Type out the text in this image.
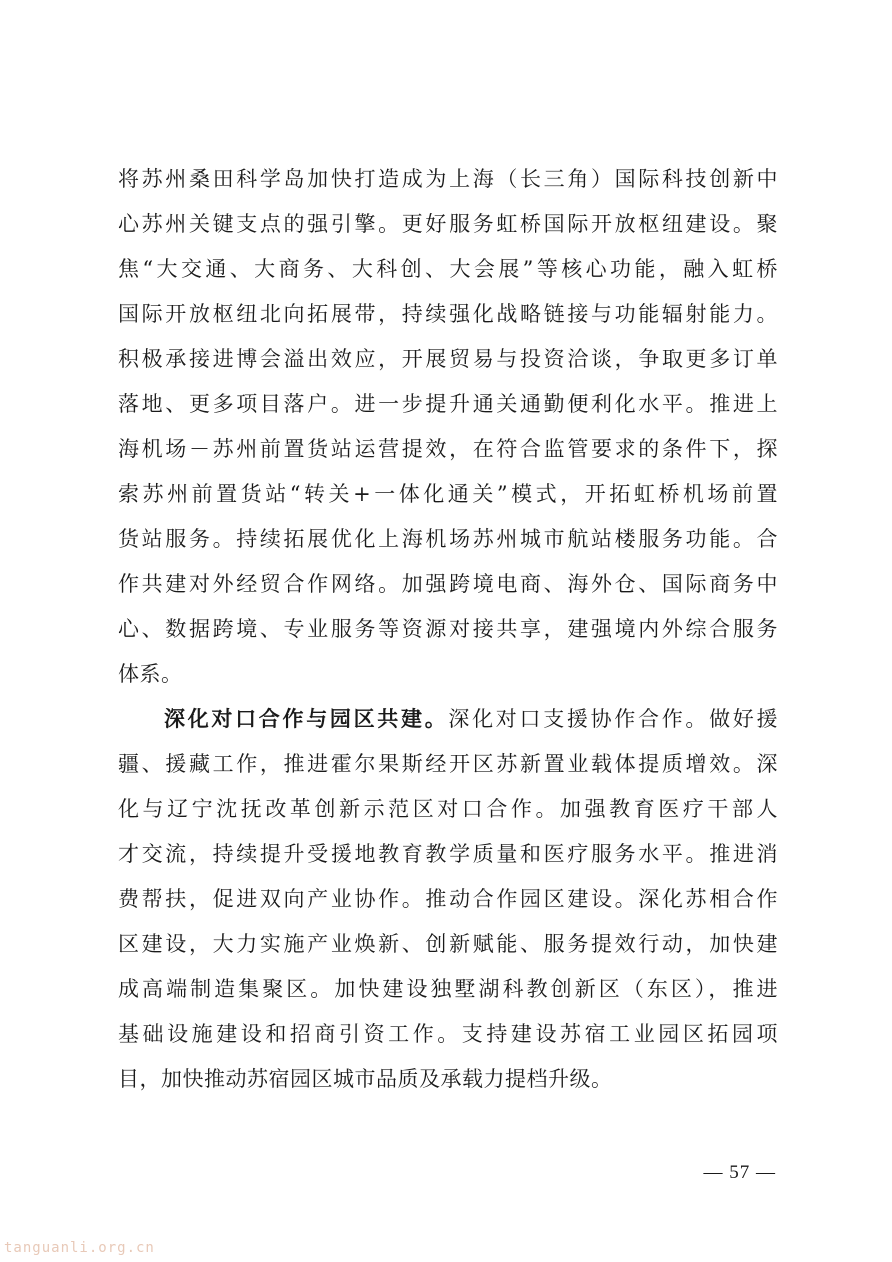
将苏州桑田科学岛加快打造成为上海（长三角）国际科技创新中
心苏州关键支点的强引擎。更好服务虹桥国际开放枢纽建设。聚
焦“大交通、大商务、大科创、大会展”等核心功能，融入虹桥
国际开放枢纽北向拓展带，持续强化战略链接与功能辐射能力。
积极承接进博会溢出效应，开展贸易与投资洽谈，争取更多订单
落地、更多项目落户。进一步提升通关通勤便利化水平。推进上
海机场－苏州前置货站运营提效，在符合监管要求的条件下，探
索苏州前置货站“转关+一体化通关”模式，开拓虹桥机场前置
货站服务。持续拓展优化上海机场苏州城市航站楼服务功能。合
作共建对外经贸合作网络。加强跨境电商、海外仓、国际商务中
心、数据跨境、专业服务等资源对接共享，建强境内外综合服务
体系。
深化对口合作与园区共建。深化对口支援协作合作。做好援
疆、援藏工作，推进霍尔果斯经开区苏新置业载体提质增效。深
化与辽宁沈抚改革创新示范区对口合作。加强教育医疗干部人
才交流，持续提升受援地教育教学质量和医疗服务水平。推进消
费帮扶，促进双向产业协作。推动合作园区建设。深化苏相合作
区建设，大力实施产业焕新、创新赋能、服务提效行动，加快建
成高端制造集聚区。加快建设独墅湖科教创新区（东区），推进
基础设施建设和招商引资工作。支持建设苏宿工业园区拓园项
目，加快推动苏宿园区城市品质及承载力提档升级。
— 57 —
tanguanli.org.cn
